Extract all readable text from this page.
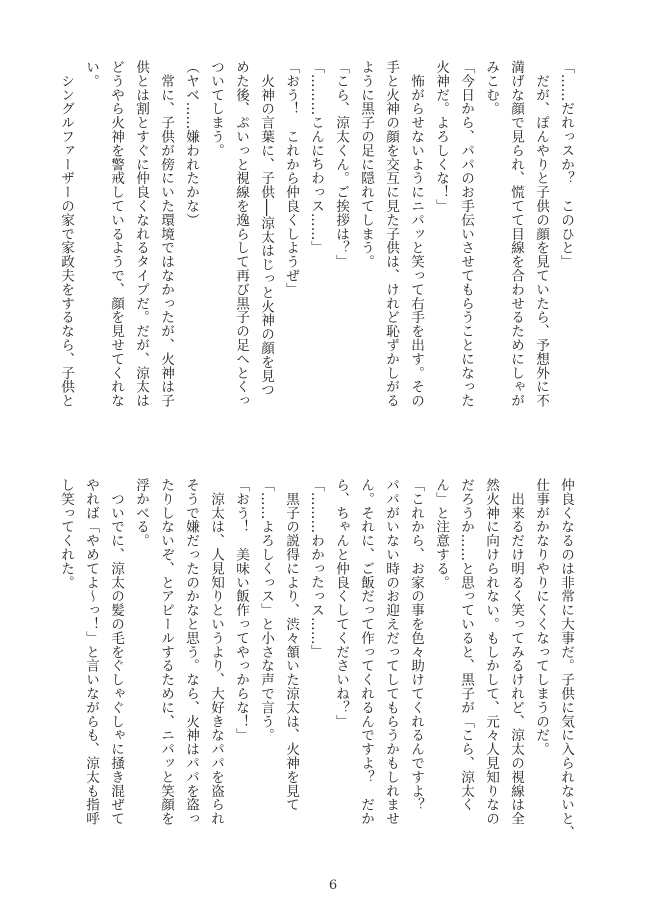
「……だれっスか？　このひと」
　だが、ぽんやりと子供の顔を見ていたら、予想外に不
満げな顔で見られ、慌てて目線を合わせるためにしゃが
みこむ。
「今日から、パパのお手伝いさせてもらうことになった
火神だ。よろしくな！」
　怖がらせないようにニパッと笑って右手を出す。その
手と火神の顔を交互に見た子供は、けれど恥ずかしがる
ように黒子の足に隠れてしまう。
「こら、涼太くん。ご挨拶は？」
「………こんにちわっス……」
「おう！　これから仲良くしようぜ」
　火神の言葉に、子供──涼太はじっと火神の顔を見つ
めた後、ぷいっと視線を逸らして再び黒子の足へとくっ
ついてしまう。
（ヤベ……嫌われたかな）
　常に、子供が傍にいた環境ではなかったが、火神は子
供とは割とすぐに仲良くなれるタイプだ。だが、涼太は
どうやら火神を警戒しているようで、顔を見せてくれな
い。
　シングルファーザーの家で家政夫をするなら、子供と
仲良くなるのは非常に大事だ。子供に気に入られないと、
仕事がかなりやりにくくなってしまうのだ。
　出来るだけ明るく笑ってみるけれど、涼太の視線は全
然火神に向けられない。もしかして、元々人見知りなの
だろうか……と思っていると、黒子が「こら、涼太く
ん」と注意する。
「これから、お家の事を色々助けてくれるんですよ？
パパがいない時のお迎えだってしてもらうかもしれませ
ん。それに、ご飯だって作ってくれるんですよ？　だか
ら、ちゃんと仲良くしてくださいね？」
「………わかったっス……」
　黒子の説得により、渋々頷いた涼太は、火神を見て
「……よろしくっス」と小さな声で言う。
「おう！　美味い飯作ってやっからな！」
　涼太は、人見知りというより、大好きなパパを盗られ
そうで嫌だったのかなと思う。なら、火神はパパを盗っ
たりしないぞ、とアピールするために、ニパッと笑顔を
浮かべる。
　ついでに、涼太の髪の毛をぐしゃぐしゃに掻き混ぜて
やれば「やめてよ～っ！」と言いながらも、涼太も指呼
し笑ってくれた。
6
